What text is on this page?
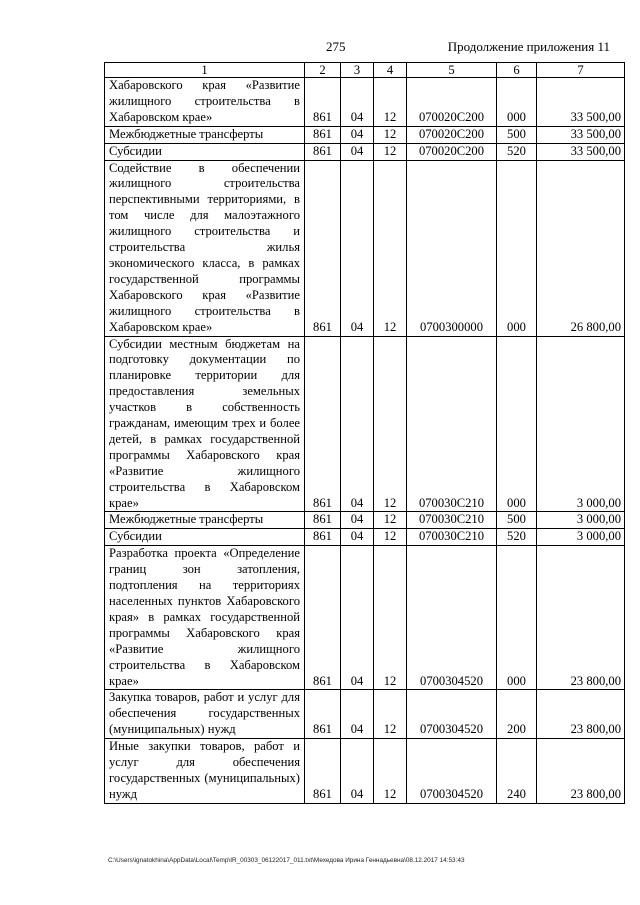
275	Продолжение приложения 11
1	2	3	4	5	6	7
Хабаровского края «Развитие жилищного строительства в Хабаровском крае»	861	04	12	070020С200	000	33 500,00
Межбюджетные трансферты	861	04	12	070020С200	500	33 500,00
Субсидии	861	04	12	070020С200	520	33 500,00
Содействие в обеспечении жилищного строительства перспективными территориями, в том числе для малоэтажного жилищного строительства и строительства жилья экономического класса, в рамках государственной программы Хабаровского края «Развитие жилищного строительства в Хабаровском крае»	861	04	12	0700300000	000	26 800,00
Субсидии местным бюджетам на подготовку документации по планировке территории для предоставления земельных участков в собственность гражданам, имеющим трех и более детей, в рамках государственной программы Хабаровского края «Развитие жилищного строительства в Хабаровском крае»	861	04	12	070030С210	000	3 000,00
Межбюджетные трансферты	861	04	12	070030С210	500	3 000,00
Субсидии	861	04	12	070030С210	520	3 000,00
Разработка проекта «Определение границ зон затопления, подтопления на территориях населенных пунктов Хабаровского края» в рамках государственной программы Хабаровского края «Развитие жилищного строительства в Хабаровском крае»	861	04	12	0700304520	000	23 800,00
Закупка товаров, работ и услуг для обеспечения государственных (муниципальных) нужд	861	04	12	0700304520	200	23 800,00
Иные закупки товаров, работ и услуг для обеспечения государственных (муниципальных) нужд	861	04	12	0700304520	240	23 800,00
C:\Users\ignatokhina\AppData\Local\Temp\IR_00303_06122017_011.txt\Мехедова Ирина Геннадьевна\08.12.2017 14:53:43
